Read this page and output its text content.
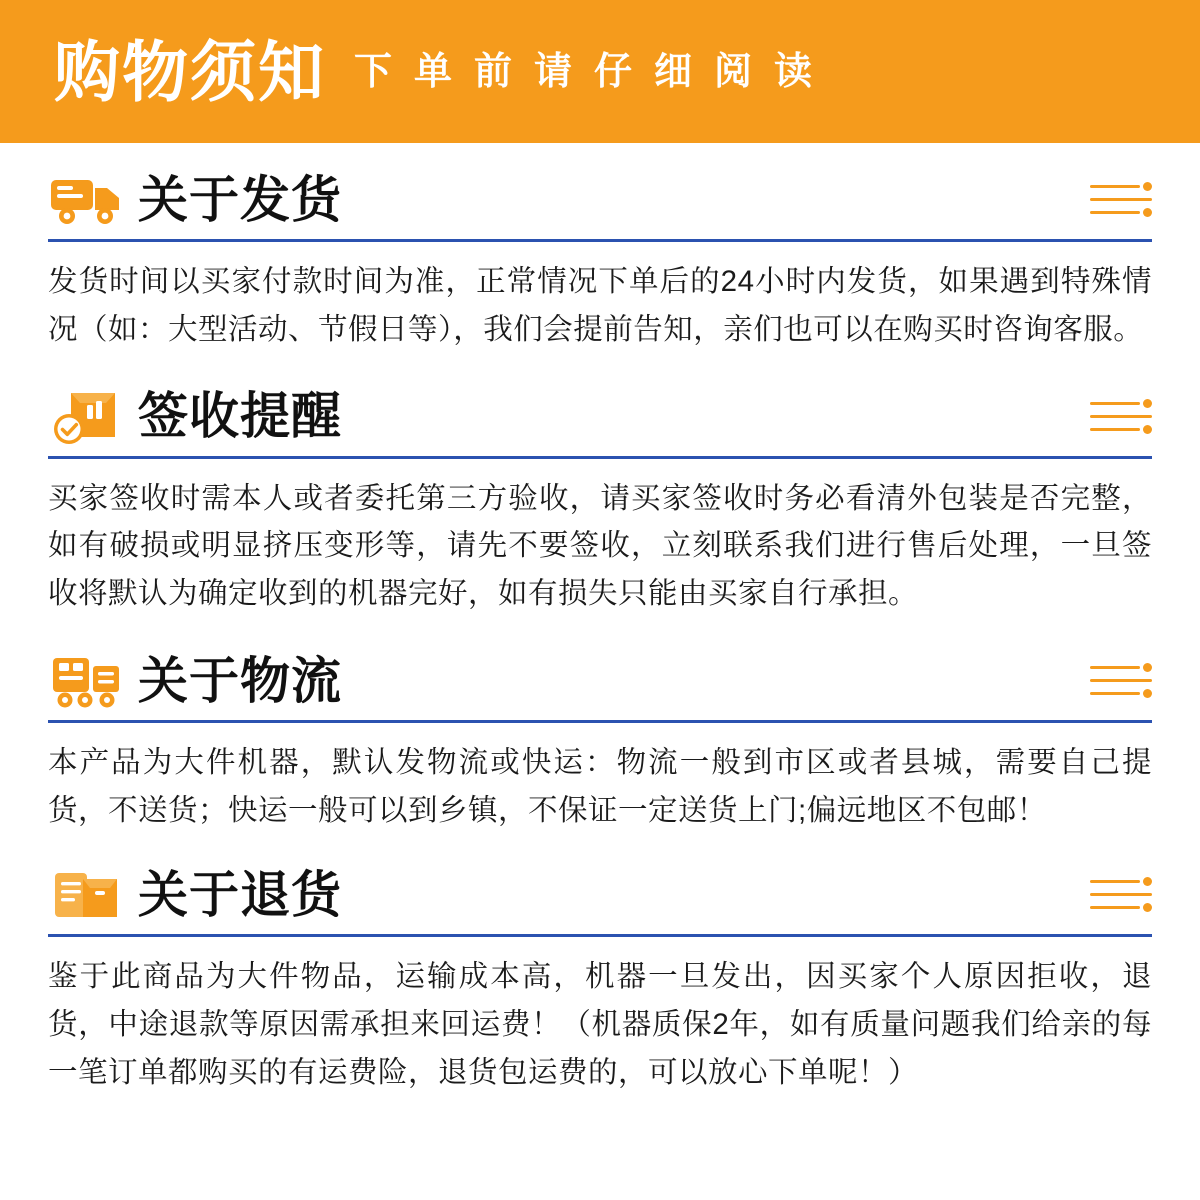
购物须知 下单前请仔细阅读
关于发货
发货时间以买家付款时间为准，正常情况下单后的24小时内发货，如果遇到特殊情况（如：大型活动、节假日等），我们会提前告知，亲们也可以在购买时咨询客服。
签收提醒
买家签收时需本人或者委托第三方验收，请买家签收时务必看清外包装是否完整，如有破损或明显挤压变形等，请先不要签收，立刻联系我们进行售后处理，一旦签收将默认为确定收到的机器完好，如有损失只能由买家自行承担。
关于物流
本产品为大件机器，默认发物流或快运：物流一般到市区或者县城，需要自己提货，不送货；快运一般可以到乡镇，不保证一定送货上门;偏远地区不包邮！
关于退货
鉴于此商品为大件物品，运输成本高，机器一旦发出，因买家个人原因拒收，退货，中途退款等原因需承担来回运费！（机器质保2年，如有质量问题我们给亲的每一笔订单都购买的有运费险，退货包运费的，可以放心下单呢！）
